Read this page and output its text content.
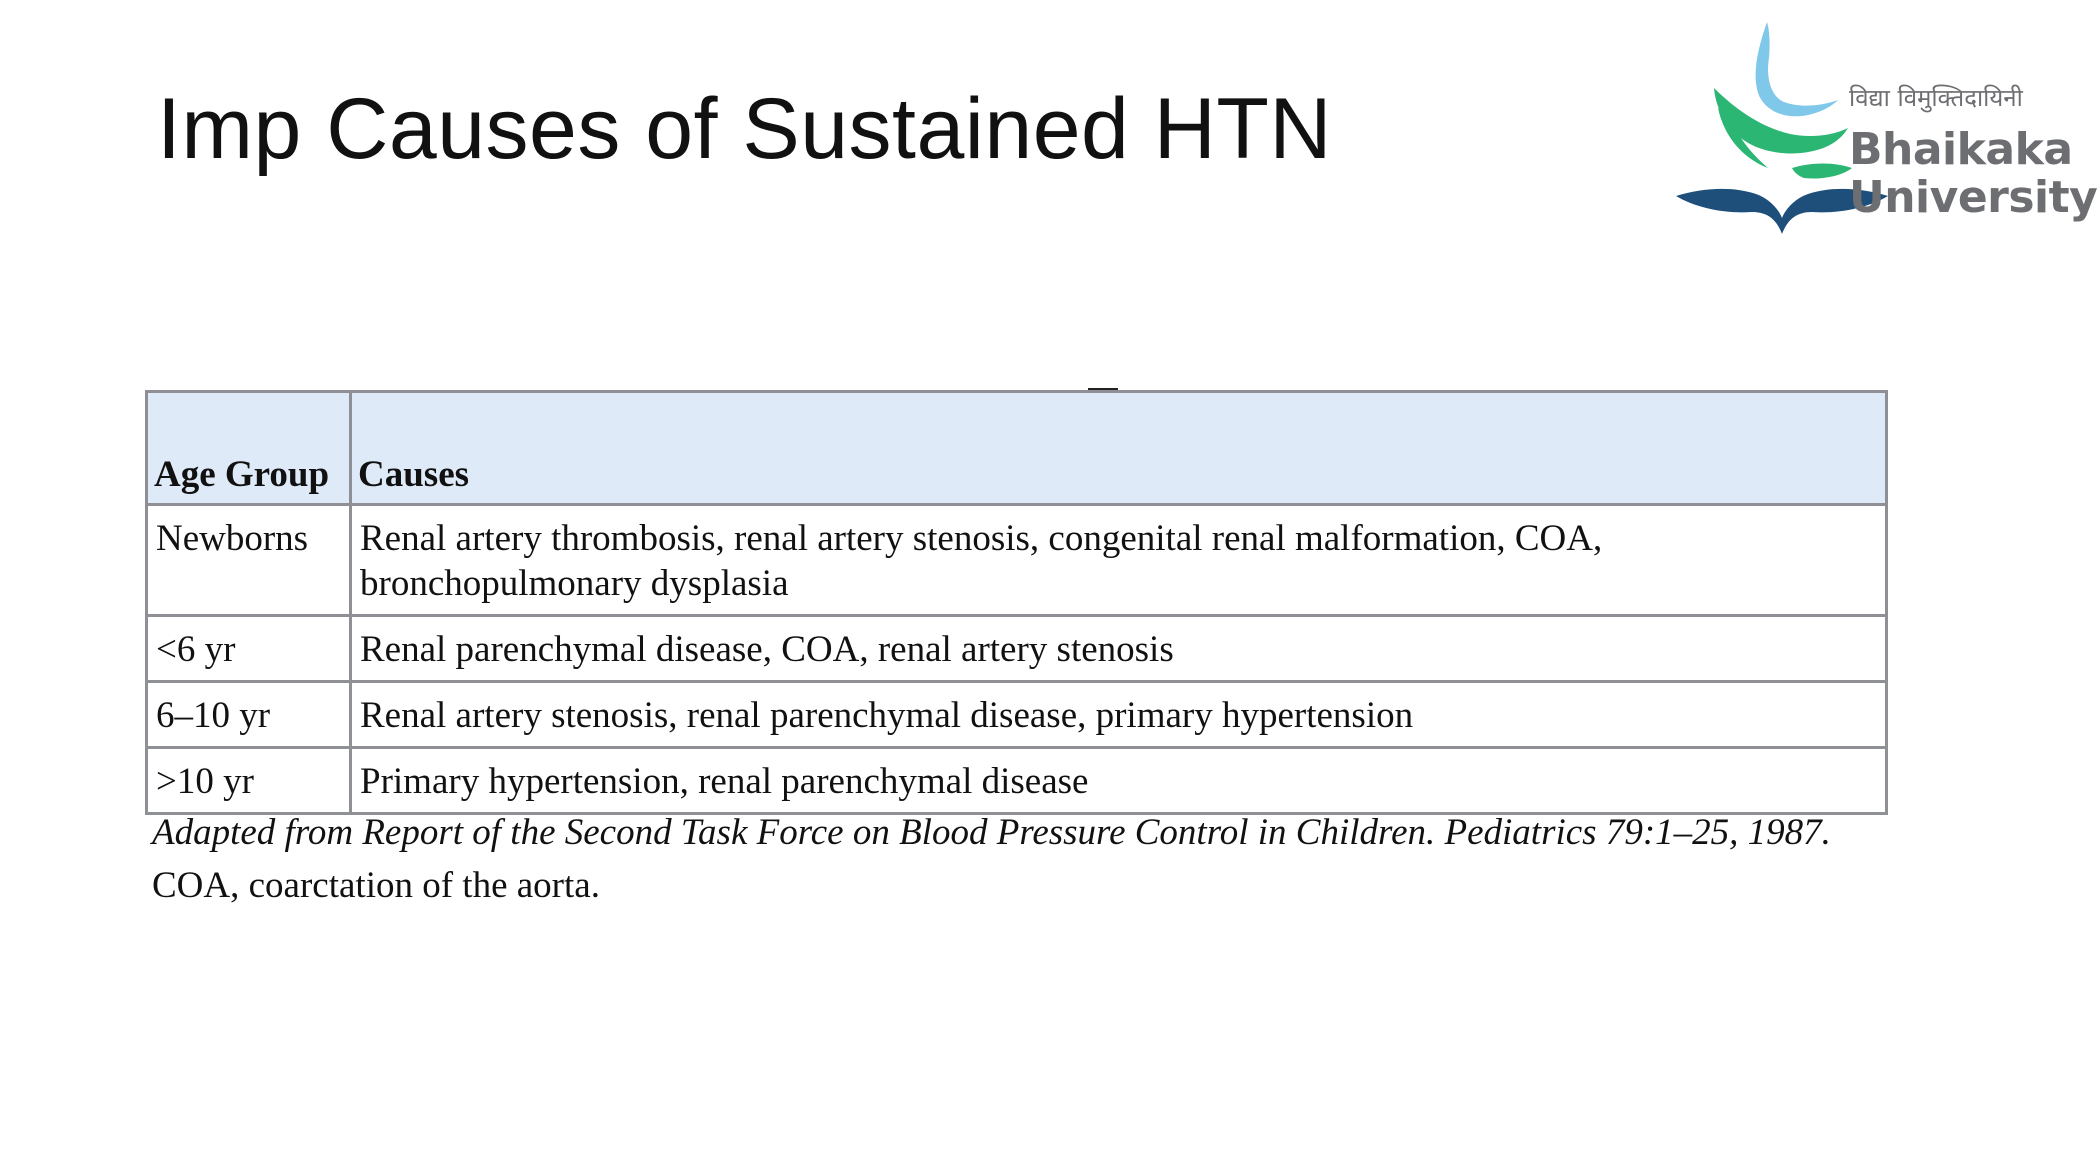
Imp Causes of Sustained HTN	विद्या विमुक्तिदायिनी
Bhaikaka
University
Age Group	Causes
Newborns	Renal artery thrombosis, renal artery stenosis, congenital renal malformation, COA, bronchopulmonary dysplasia
<6 yr	Renal parenchymal disease, COA, renal artery stenosis
6–10 yr	Renal artery stenosis, renal parenchymal disease, primary hypertension
>10 yr	Primary hypertension, renal parenchymal disease
Adapted from Report of the Second Task Force on Blood Pressure Control in Children. Pediatrics 79:1–25, 1987.
COA, coarctation of the aorta.
